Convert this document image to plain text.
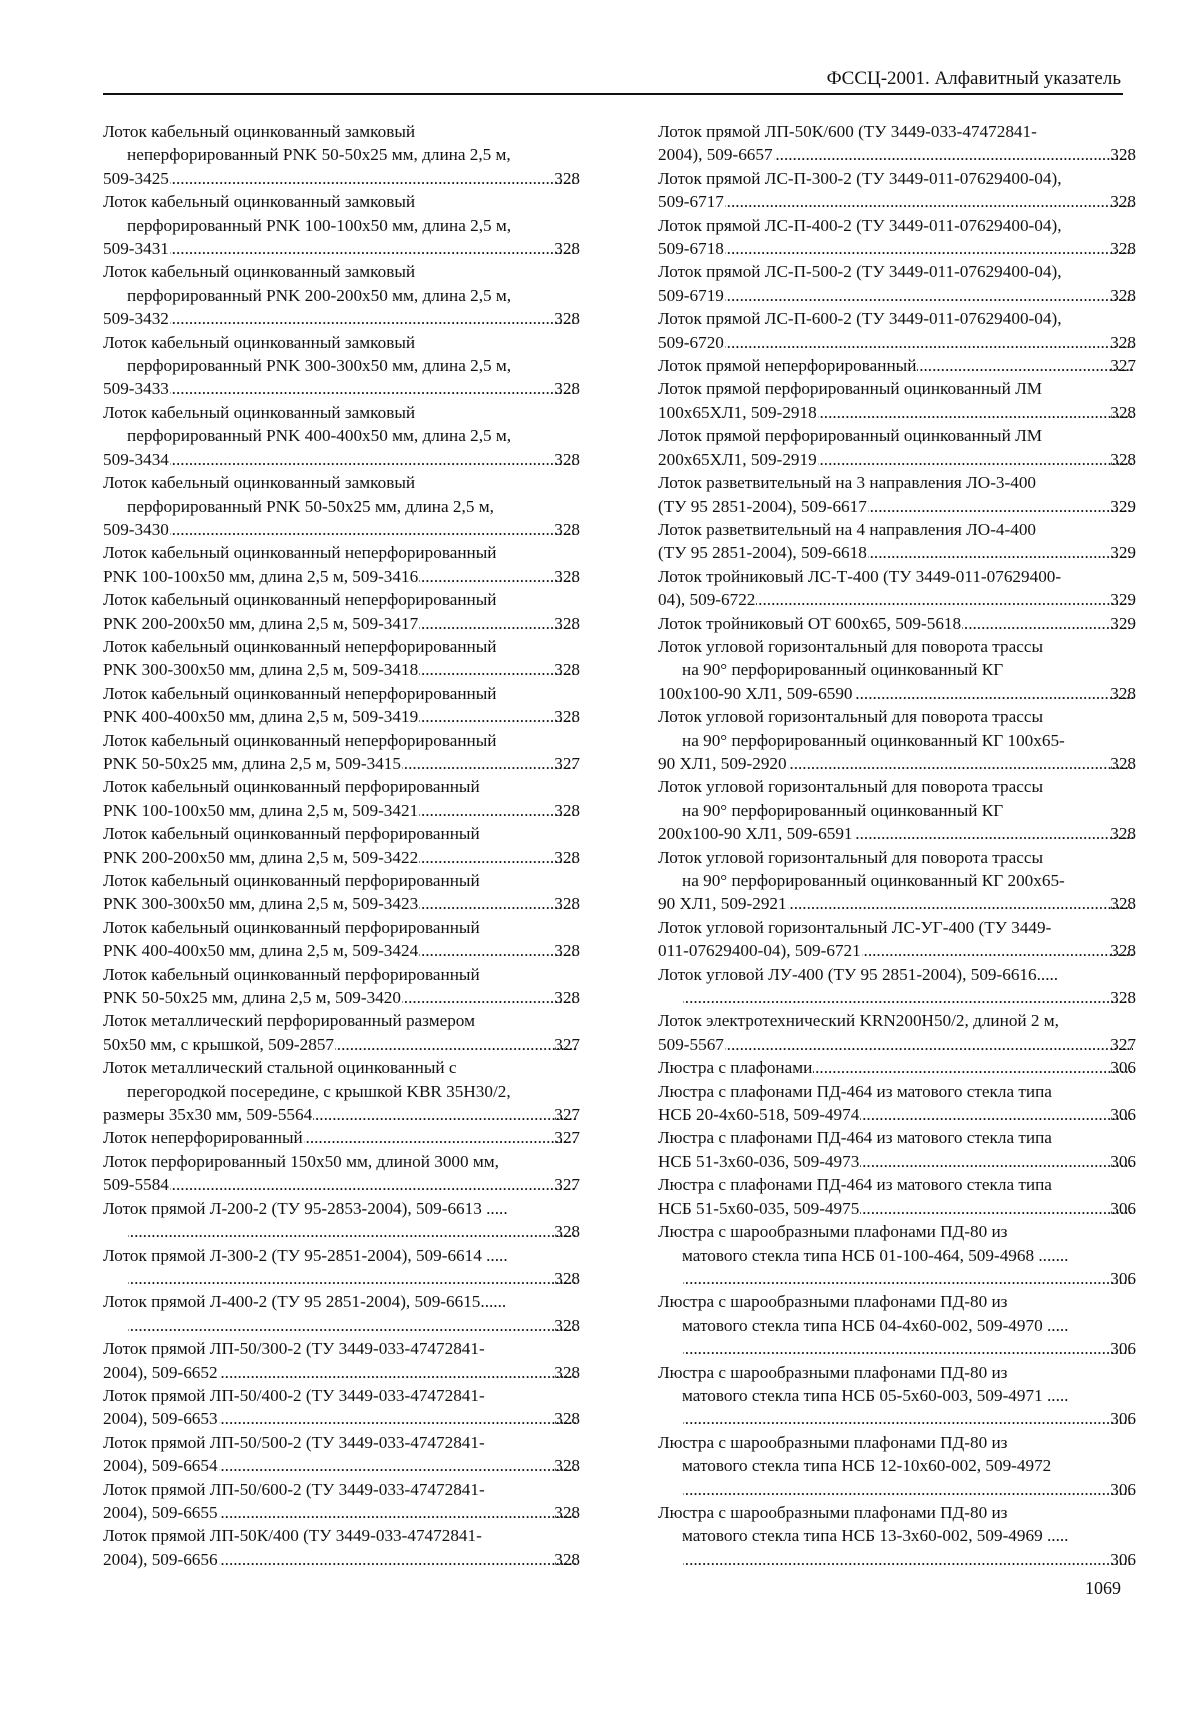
ФССЦ-2001. Алфавитный указатель

Лоток кабельный оцинкованный замковый
неперфорированный PNK 50-50x25 мм, длина 2,5 м,

509-3425 .....	328

Лоток кабельный оцинкованный замковый
перфорированный PNK 100-100x50 мм, длина 2,5 м,

509-3431 .....	328

Лоток кабельный оцинкованный замковый
перфорированный PNK 200-200x50 мм, длина 2,5 м,

509-3432 .....	328

Лоток кабельный оцинкованный замковый
перфорированный PNK 300-300x50 мм, длина 2,5 м,

509-3433 .....	328

Лоток кабельный оцинкованный замковый
перфорированный PNK 400-400x50 мм, длина 2,5 м,

509-3434 .....	328

Лоток кабельный оцинкованный замковый
перфорированный PNK 50-50x25 мм, длина 2,5 м,

509-3430 .....	328

Лоток кабельный оцинкованный неперфорированный

PNK 100-100x50 мм, длина 2,5 м, 509-3416 .....	328

Лоток кабельный оцинкованный неперфорированный

PNK 200-200x50 мм, длина 2,5 м, 509-3417 .....	328

Лоток кабельный оцинкованный неперфорированный

PNK 300-300x50 мм, длина 2,5 м, 509-3418 .....	328

Лоток кабельный оцинкованный неперфорированный

PNK 400-400x50 мм, длина 2,5 м, 509-3419 .....	328

Лоток кабельный оцинкованный неперфорированный

PNK 50-50x25 мм, длина 2,5 м, 509-3415 .....	327

Лоток кабельный оцинкованный перфорированный

PNK 100-100x50 мм, длина 2,5 м, 509-3421 .....	328

Лоток кабельный оцинкованный перфорированный

PNK 200-200x50 мм, длина 2,5 м, 509-3422 .....	328

Лоток кабельный оцинкованный перфорированный

PNK 300-300x50 мм, длина 2,5 м, 509-3423 .....	328

Лоток кабельный оцинкованный перфорированный

PNK 400-400x50 мм, длина 2,5 м, 509-3424 .....	328

Лоток кабельный оцинкованный перфорированный

PNK 50-50x25 мм, длина 2,5 м, 509-3420 .....	328

Лоток металлический перфорированный размером

50x50 мм, с крышкой, 509-2857 .....	327

Лоток металлический стальной оцинкованный с
перегородкой посередине, с крышкой KBR 35H30/2,

размеры 35x30 мм, 509-5564 .....	327

Лоток неперфорированный .....	327

Лоток перфорированный 150x50 мм, длиной 3000 мм,

509-5584 .....	327

Лоток прямой Л-200-2 (ТУ 95-2853-2004), 509-6613 .....

.....
328

Лоток прямой Л-300-2 (ТУ 95-2851-2004), 509-6614 .....

.....
328

Лоток прямой Л-400-2 (ТУ 95 2851-2004), 509-6615......

.....
328

Лоток прямой ЛП-50/300-2 (ТУ 3449-033-47472841-

2004), 509-6652 .....	328

Лоток прямой ЛП-50/400-2 (ТУ 3449-033-47472841-

2004), 509-6653 .....	328

Лоток прямой ЛП-50/500-2 (ТУ 3449-033-47472841-

2004), 509-6654 .....	328

Лоток прямой ЛП-50/600-2 (ТУ 3449-033-47472841-

2004), 509-6655 .....	328

Лоток прямой ЛП-50К/400 (ТУ 3449-033-47472841-

2004), 509-6656 .....	328

Лоток прямой ЛП-50К/600 (ТУ 3449-033-47472841-

2004), 509-6657 .....	328

Лоток прямой ЛС-П-300-2 (ТУ 3449-011-07629400-04),

509-6717 .....	328

Лоток прямой ЛС-П-400-2 (ТУ 3449-011-07629400-04),

509-6718 .....	328

Лоток прямой ЛС-П-500-2 (ТУ 3449-011-07629400-04),

509-6719 .....	328

Лоток прямой ЛС-П-600-2 (ТУ 3449-011-07629400-04),

509-6720 .....	328

Лоток прямой неперфорированный .....	327

Лоток прямой перфорированный оцинкованный ЛМ

100x65ХЛ1, 509-2918 .....	328

Лоток прямой перфорированный оцинкованный ЛМ

200x65ХЛ1, 509-2919 .....	328

Лоток разветвительный на 3 направления ЛО-3-400

(ТУ 95 2851-2004), 509-6617 .....	329

Лоток разветвительный на 4 направления ЛО-4-400

(ТУ 95 2851-2004), 509-6618 .....	329

Лоток тройниковый ЛС-Т-400 (ТУ 3449-011-07629400-

04), 509-6722 .....	329

Лоток тройниковый ОТ 600x65, 509-5618 .....	329

Лоток угловой горизонтальный для поворота трассы
на 90° перфорированный оцинкованный КГ

100x100-90 ХЛ1, 509-6590 .....	328

Лоток угловой горизонтальный для поворота трассы
на 90° перфорированный оцинкованный КГ 100x65-

90 ХЛ1, 509-2920 .....	328

Лоток угловой горизонтальный для поворота трассы
на 90° перфорированный оцинкованный КГ

200x100-90 ХЛ1, 509-6591 .....	328

Лоток угловой горизонтальный для поворота трассы
на 90° перфорированный оцинкованный КГ 200x65-

90 ХЛ1, 509-2921 .....	328

Лоток угловой горизонтальный ЛС-УГ-400 (ТУ 3449-

011-07629400-04), 509-6721 .....	328

Лоток угловой ЛУ-400 (ТУ 95 2851-2004), 509-6616.....

.....
328

Лоток электротехнический KRN200H50/2, длиной 2 м,

509-5567 .....	327

Люстра с плафонами .....	306

Люстра с плафонами ПД-464 из матового стекла типа

НСБ 20-4x60-518, 509-4974 .....	306

Люстра с плафонами ПД-464 из матового стекла типа

НСБ 51-3x60-036, 509-4973 .....	306

Люстра с плафонами ПД-464 из матового стекла типа

НСБ 51-5x60-035, 509-4975 .....	306

Люстра с шарообразными плафонами ПД-80 из
матового стекла типа НСБ 01-100-464, 509-4968 .......

.....
306

Люстра с шарообразными плафонами ПД-80 из
матового стекла типа НСБ 04-4x60-002, 509-4970 .....

.....
306

Люстра с шарообразными плафонами ПД-80 из
матового стекла типа НСБ 05-5x60-003, 509-4971 .....

.....
306

Люстра с шарообразными плафонами ПД-80 из
матового стекла типа НСБ 12-10x60-002, 509-4972

.....
306

Люстра с шарообразными плафонами ПД-80 из
матового стекла типа НСБ 13-3x60-002, 509-4969 .....

.....
306

1069
